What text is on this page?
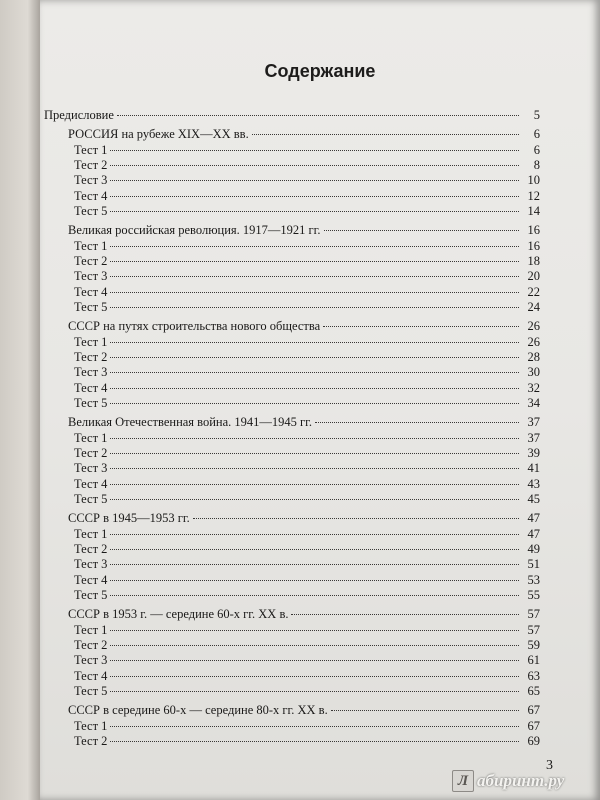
Содержание
Предисловие	5
РОССИЯ на рубеже XIX—XX вв.	6
Тест 1	6
Тест 2	8
Тест 3	10
Тест 4	12
Тест 5	14
Великая российская революция. 1917—1921 гг.	16
Тест 1	16
Тест 2	18
Тест 3	20
Тест 4	22
Тест 5	24
СССР на путях строительства нового общества	26
Тест 1	26
Тест 2	28
Тест 3	30
Тест 4	32
Тест 5	34
Великая Отечественная война. 1941—1945 гг.	37
Тест 1	37
Тест 2	39
Тест 3	41
Тест 4	43
Тест 5	45
СССР в 1945—1953 гг.	47
Тест 1	47
Тест 2	49
Тест 3	51
Тест 4	53
Тест 5	55
СССР в 1953 г. — середине 60-х гг. XX в.	57
Тест 1	57
Тест 2	59
Тест 3	61
Тест 4	63
Тест 5	65
СССР в середине 60-х — середине 80-х гг. XX в.	67
Тест 1	67
Тест 2	69
3
Л абиринт.ру
